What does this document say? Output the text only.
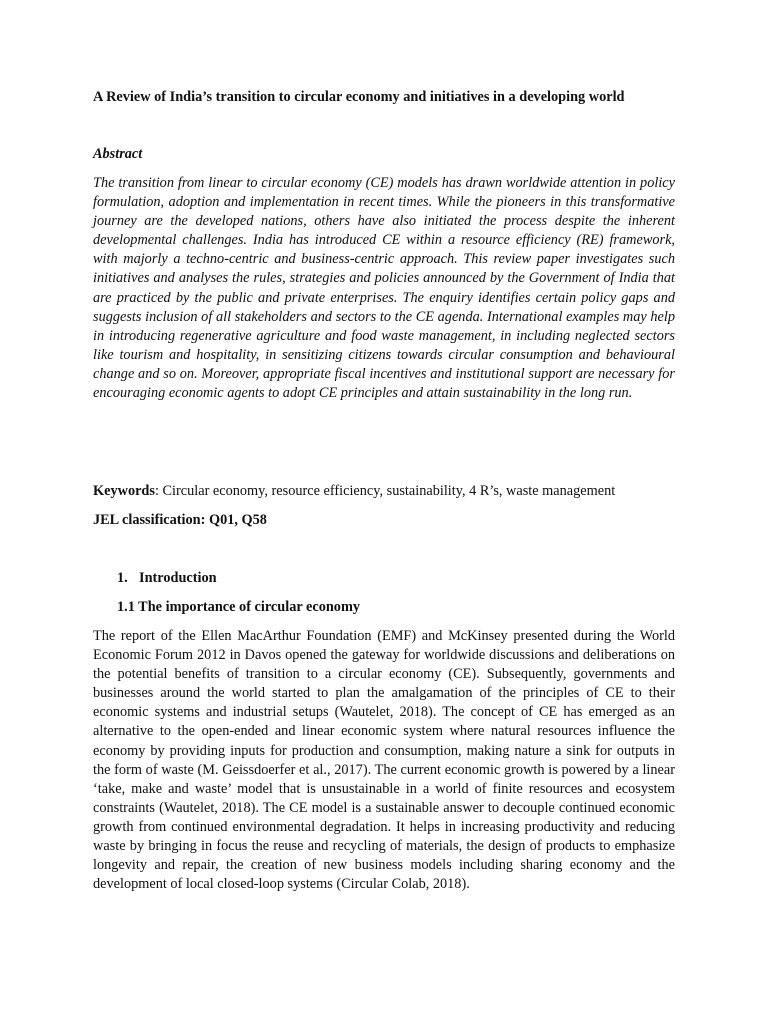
A Review of India’s transition to circular economy and initiatives in a developing world
Abstract
The transition from linear to circular economy (CE) models has drawn worldwide attention in policy formulation, adoption and implementation in recent times. While the pioneers in this transformative journey are the developed nations, others have also initiated the process despite the inherent developmental challenges. India has introduced CE within a resource efficiency (RE) framework, with majorly a techno-centric and business-centric approach. This review paper investigates such initiatives and analyses the rules, strategies and policies announced by the Government of India that are practiced by the public and private enterprises. The enquiry identifies certain policy gaps and suggests inclusion of all stakeholders and sectors to the CE agenda. International examples may help in introducing regenerative agriculture and food waste management, in including neglected sectors like tourism and hospitality, in sensitizing citizens towards circular consumption and behavioural change and so on. Moreover, appropriate fiscal incentives and institutional support are necessary for encouraging economic agents to adopt CE principles and attain sustainability in the long run.
Keywords: Circular economy, resource efficiency, sustainability, 4 R’s, waste management
JEL classification: Q01, Q58
1. Introduction
1.1 The importance of circular economy
The report of the Ellen MacArthur Foundation (EMF) and McKinsey presented during the World Economic Forum 2012 in Davos opened the gateway for worldwide discussions and deliberations on the potential benefits of transition to a circular economy (CE). Subsequently, governments and businesses around the world started to plan the amalgamation of the principles of CE to their economic systems and industrial setups (Wautelet, 2018). The concept of CE has emerged as an alternative to the open-ended and linear economic system where natural resources influence the economy by providing inputs for production and consumption, making nature a sink for outputs in the form of waste (M. Geissdoerfer et al., 2017). The current economic growth is powered by a linear ‘take, make and waste’ model that is unsustainable in a world of finite resources and ecosystem constraints (Wautelet, 2018). The CE model is a sustainable answer to decouple continued economic growth from continued environmental degradation. It helps in increasing productivity and reducing waste by bringing in focus the reuse and recycling of materials, the design of products to emphasize longevity and repair, the creation of new business models including sharing economy and the development of local closed-loop systems (Circular Colab, 2018).
